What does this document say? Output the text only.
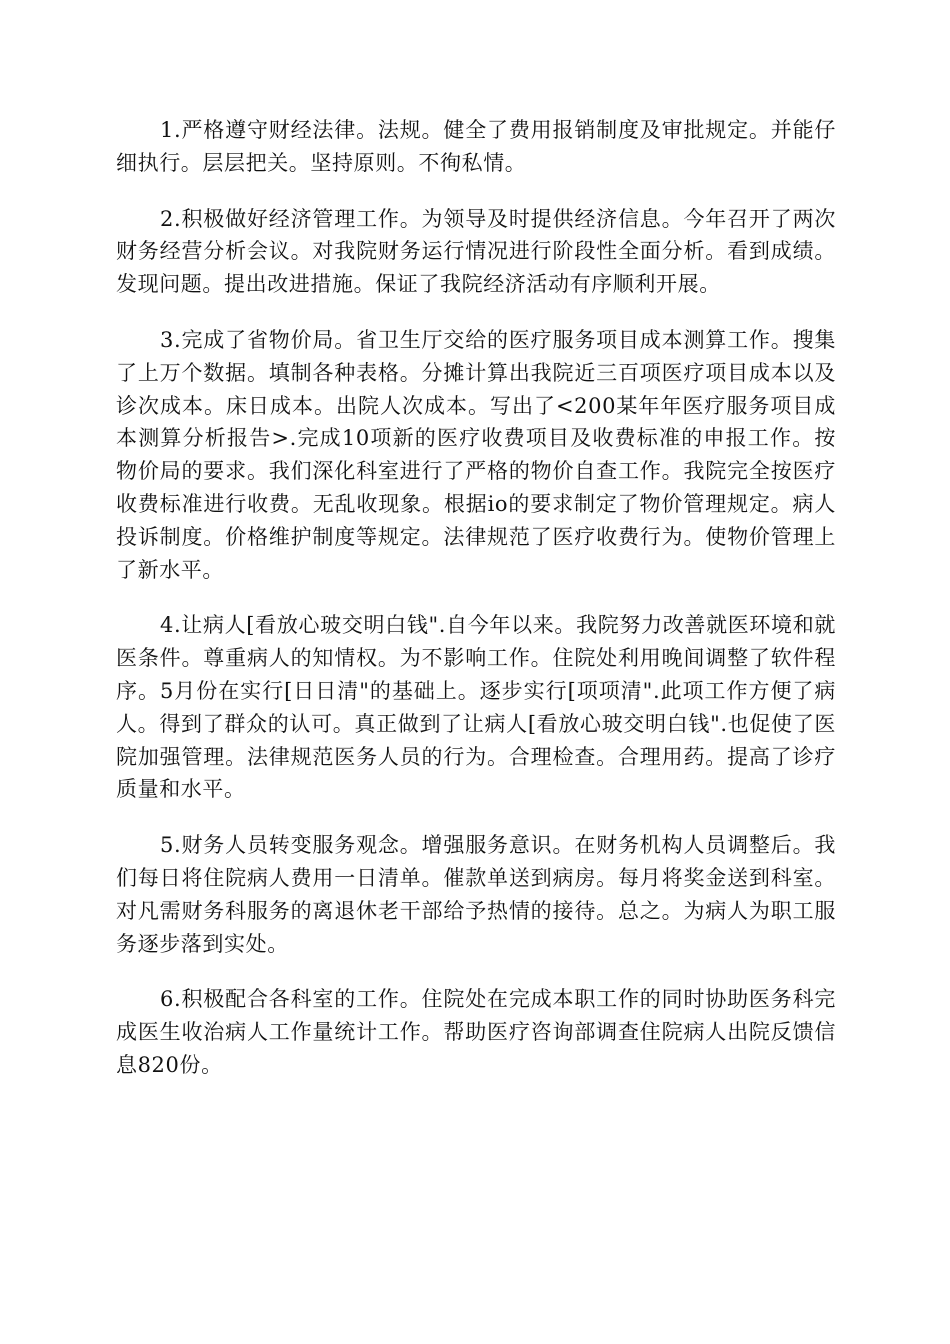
1.严格遵守财经法律。法规。健全了费用报销制度及审批规定。并能仔细执行。层层把关。坚持原则。不徇私情。

2.积极做好经济管理工作。为领导及时提供经济信息。今年召开了两次财务经营分析会议。对我院财务运行情况进行阶段性全面分析。看到成绩。发现问题。提出改进措施。保证了我院经济活动有序顺利开展。

3.完成了省物价局。省卫生厅交给的医疗服务项目成本测算工作。搜集了上万个数据。填制各种表格。分摊计算出我院近三百项医疗项目成本以及诊次成本。床日成本。出院人次成本。写出了<200某年年医疗服务项目成本测算分析报告>.完成10项新的医疗收费项目及收费标准的申报工作。按物价局的要求。我们深化科室进行了严格的物价自查工作。我院完全按医疗收费标准进行收费。无乱收现象。根据io的要求制定了物价管理规定。病人投诉制度。价格维护制度等规定。法律规范了医疗收费行为。使物价管理上了新水平。

4.让病人[看放心玻交明白钱".自今年以来。我院努力改善就医环境和就医条件。尊重病人的知情权。为不影响工作。住院处利用晚间调整了软件程序。5月份在实行[日日清"的基础上。逐步实行[项项清".此项工作方便了病人。得到了群众的认可。真正做到了让病人[看放心玻交明白钱".也促使了医院加强管理。法律规范医务人员的行为。合理检查。合理用药。提高了诊疗质量和水平。

5.财务人员转变服务观念。增强服务意识。在财务机构人员调整后。我们每日将住院病人费用一日清单。催款单送到病房。每月将奖金送到科室。对凡需财务科服务的离退休老干部给予热情的接待。总之。为病人为职工服务逐步落到实处。

6.积极配合各科室的工作。住院处在完成本职工作的同时协助医务科完成医生收治病人工作量统计工作。帮助医疗咨询部调查住院病人出院反馈信息820份。
